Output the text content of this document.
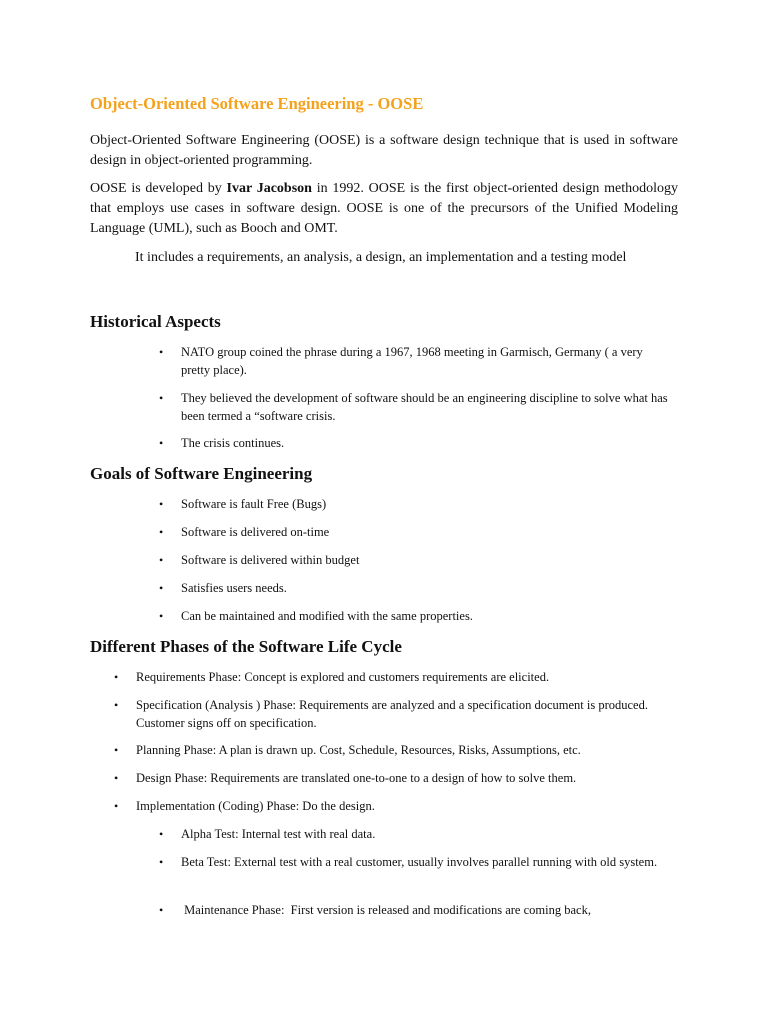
Object-Oriented Software Engineering - OOSE

Object-Oriented Software Engineering (OOSE) is a software design technique that is used in software design in object-oriented programming.

OOSE is developed by Ivar Jacobson in 1992. OOSE is the first object-oriented design methodology that employs use cases in software design. OOSE is one of the precursors of the Unified Modeling Language (UML), such as Booch and OMT.

It includes a requirements, an analysis, a design, an implementation and a testing model

Historical Aspects
• NATO group coined the phrase during a 1967, 1968 meeting in Garmisch, Germany ( a very pretty place).
• They believed the development of software should be an engineering discipline to solve what has been termed a “software crisis.
• The crisis continues.
Goals of Software Engineering
• Software is fault Free (Bugs)
• Software is delivered on-time
• Software is delivered within budget
• Satisfies users needs.
• Can be maintained and modified with the same properties.
Different Phases of the Software Life Cycle
• Requirements Phase: Concept is explored and customers requirements are elicited.
• Specification (Analysis ) Phase: Requirements are analyzed and a specification document is produced. Customer signs off on specification.
• Planning Phase: A plan is drawn up. Cost, Schedule, Resources, Risks, Assumptions, etc.
• Design Phase: Requirements are translated one-to-one to a design of how to solve them.
• Implementation (Coding) Phase: Do the design.
• Alpha Test: Internal test with real data.
• Beta Test: External test with a real customer, usually involves parallel running with old system.
• Maintenance Phase:  First version is released and modifications are coming back,
